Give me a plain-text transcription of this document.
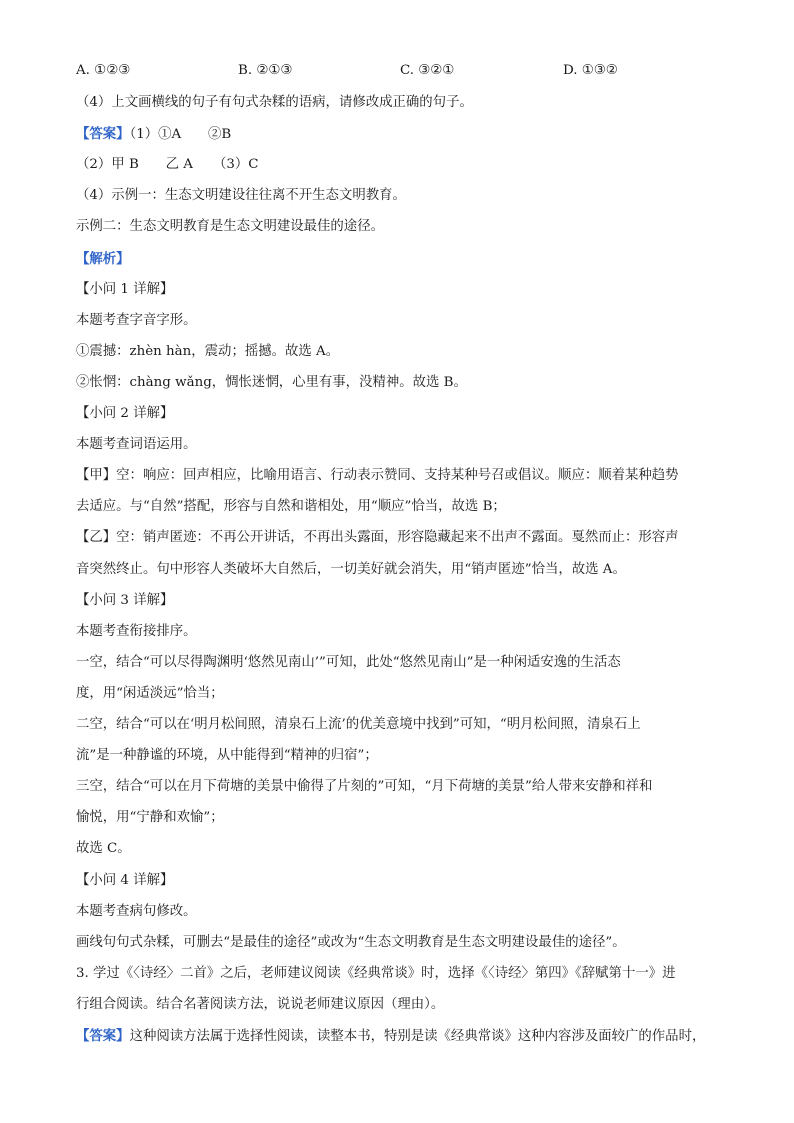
A. ①②③	B. ②①③	C. ③②①	D. ①③②
（4）上文画横线的句子有句式杂糅的语病，请修改成正确的句子。
【答案】（1）①A　　②B
（2）甲 B　　乙 A　　（3）C
（4）示例一：生态文明建设往往离不开生态文明教育。
示例二：生态文明教育是生态文明建设最佳的途径。
【解析】
【小问 1 详解】
本题考查字音字形。
①震撼：zhèn hàn，震动；摇撼。故选 A。
②怅惘：chàng wǎng，惆怅迷惘，心里有事，没精神。故选 B。
【小问 2 详解】
本题考查词语运用。
【甲】空：响应：回声相应，比喻用语言、行动表示赞同、支持某种号召或倡议。顺应：顺着某种趋势
去适应。与“自然”搭配，形容与自然和谐相处，用“顺应”恰当，故选 B；
【乙】空：销声匿迹：不再公开讲话，不再出头露面，形容隐藏起来不出声不露面。戛然而止：形容声
音突然终止。句中形容人类破坏大自然后，一切美好就会消失，用“销声匿迹”恰当，故选 A。
【小问 3 详解】
本题考查衔接排序。
一空，结合“可以尽得陶渊明‘悠然见南山’”可知，此处“悠然见南山”是一种闲适安逸的生活态
度，用“闲适淡远”恰当；
二空，结合“可以在‘明月松间照，清泉石上流’的优美意境中找到”可知，“明月松间照，清泉石上
流”是一种静谧的环境，从中能得到“精神的归宿”；
三空，结合“可以在月下荷塘的美景中偷得了片刻的”可知，“月下荷塘的美景”给人带来安静和祥和
愉悦，用“宁静和欢愉”；
故选 C。
【小问 4 详解】
本题考查病句修改。
画线句句式杂糅，可删去“是最佳的途径”或改为“生态文明教育是生态文明建设最佳的途径”。
3. 学过《〈诗经〉二首》之后，老师建议阅读《经典常谈》时，选择《〈诗经〉第四》《辞赋第十一》进
行组合阅读。结合名著阅读方法，说说老师建议原因（理由）。
【答案】这种阅读方法属于选择性阅读，读整本书，特别是读《经典常谈》这种内容涉及面较广的作品时，
